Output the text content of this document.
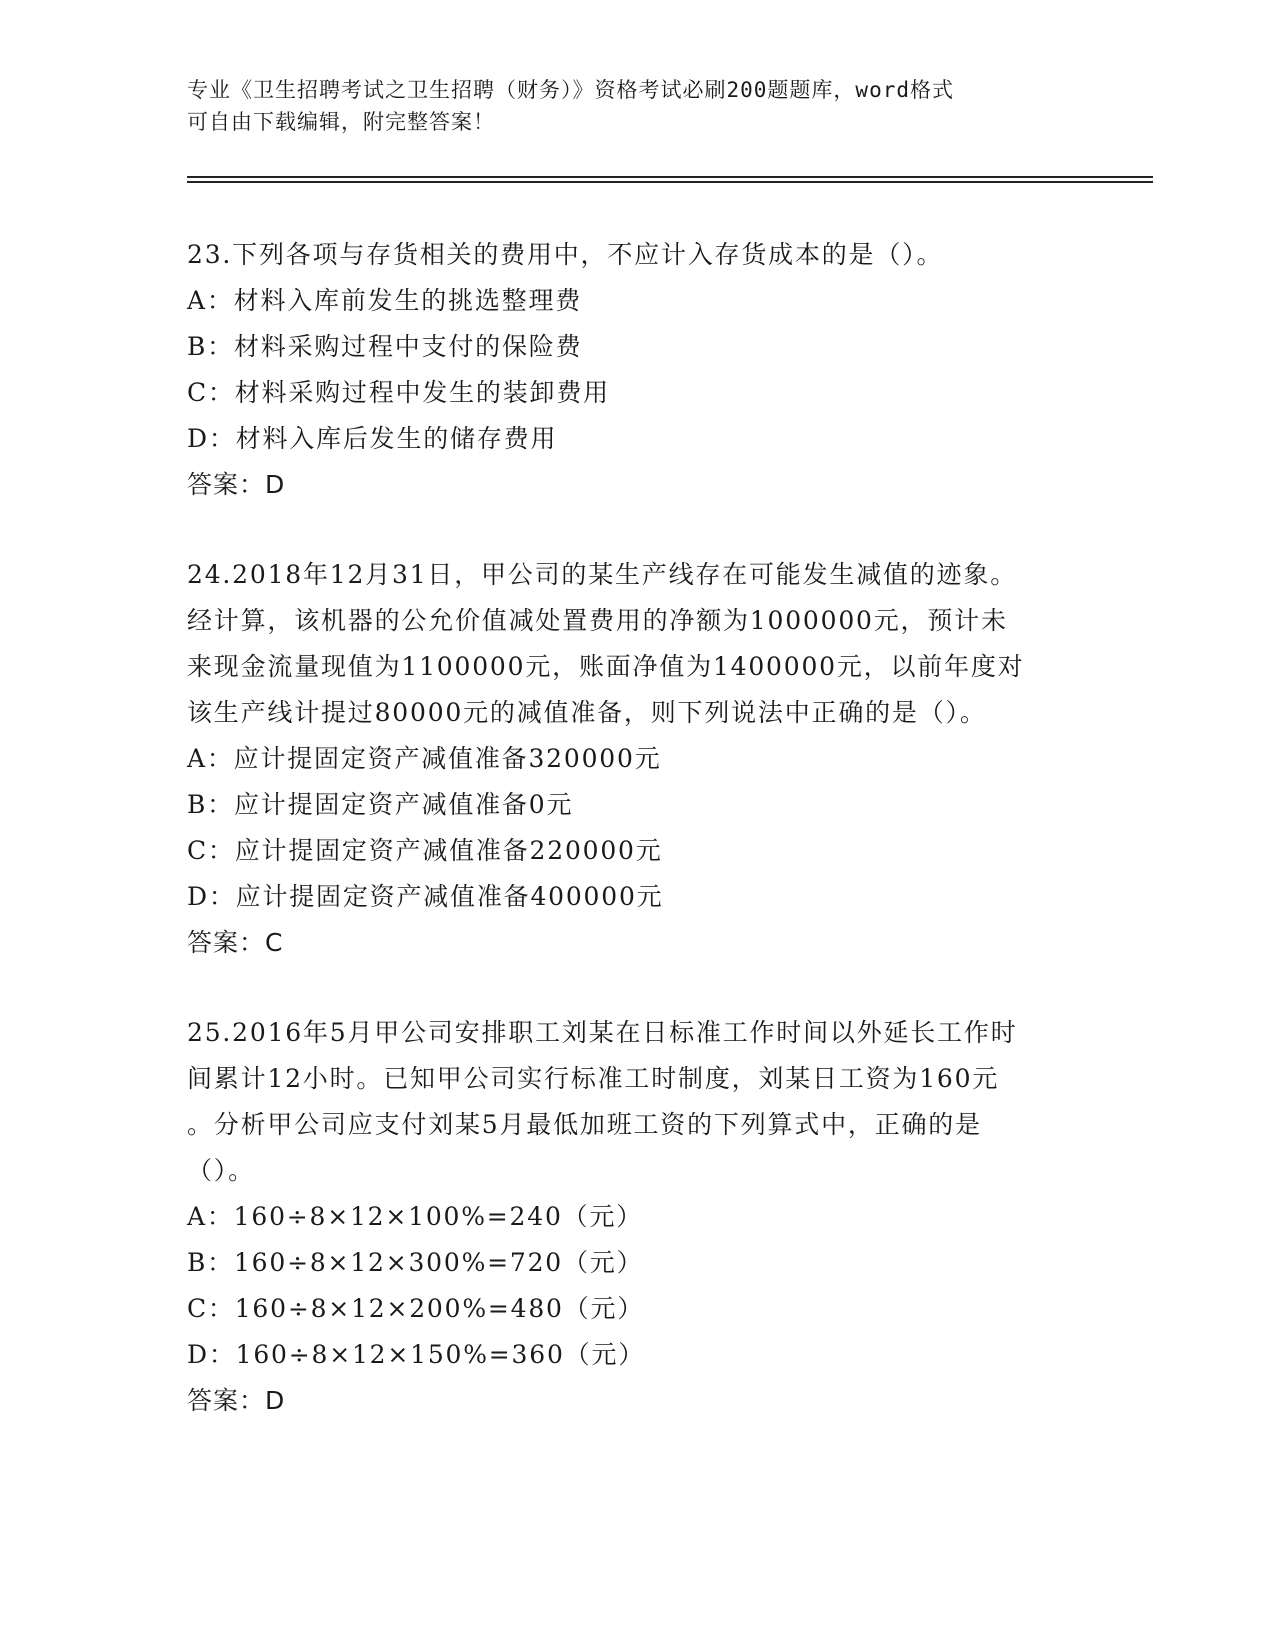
专业《卫生招聘考试之卫生招聘（财务）》资格考试必刷200题题库，word格式
可自由下载编辑，附完整答案！
23.下列各项与存货相关的费用中，不应计入存货成本的是（）。
A：材料入库前发生的挑选整理费
B：材料采购过程中支付的保险费
C：材料采购过程中发生的装卸费用
D：材料入库后发生的储存费用
答案：D
24.2018年12月31日，甲公司的某生产线存在可能发生减值的迹象。
经计算，该机器的公允价值减处置费用的净额为1000000元，预计未
来现金流量现值为1100000元，账面净值为1400000元，以前年度对
该生产线计提过80000元的减值准备，则下列说法中正确的是（）。
A：应计提固定资产减值准备320000元
B：应计提固定资产减值准备0元
C：应计提固定资产减值准备220000元
D：应计提固定资产减值准备400000元
答案：C
25.2016年5月甲公司安排职工刘某在日标准工作时间以外延长工作时
间累计12小时。已知甲公司实行标准工时制度，刘某日工资为160元
。分析甲公司应支付刘某5月最低加班工资的下列算式中，正确的是
（）。
A：160÷8×12×100%=240（元）
B：160÷8×12×300%=720（元）
C：160÷8×12×200%=480（元）
D：160÷8×12×150%=360（元）
答案：D
